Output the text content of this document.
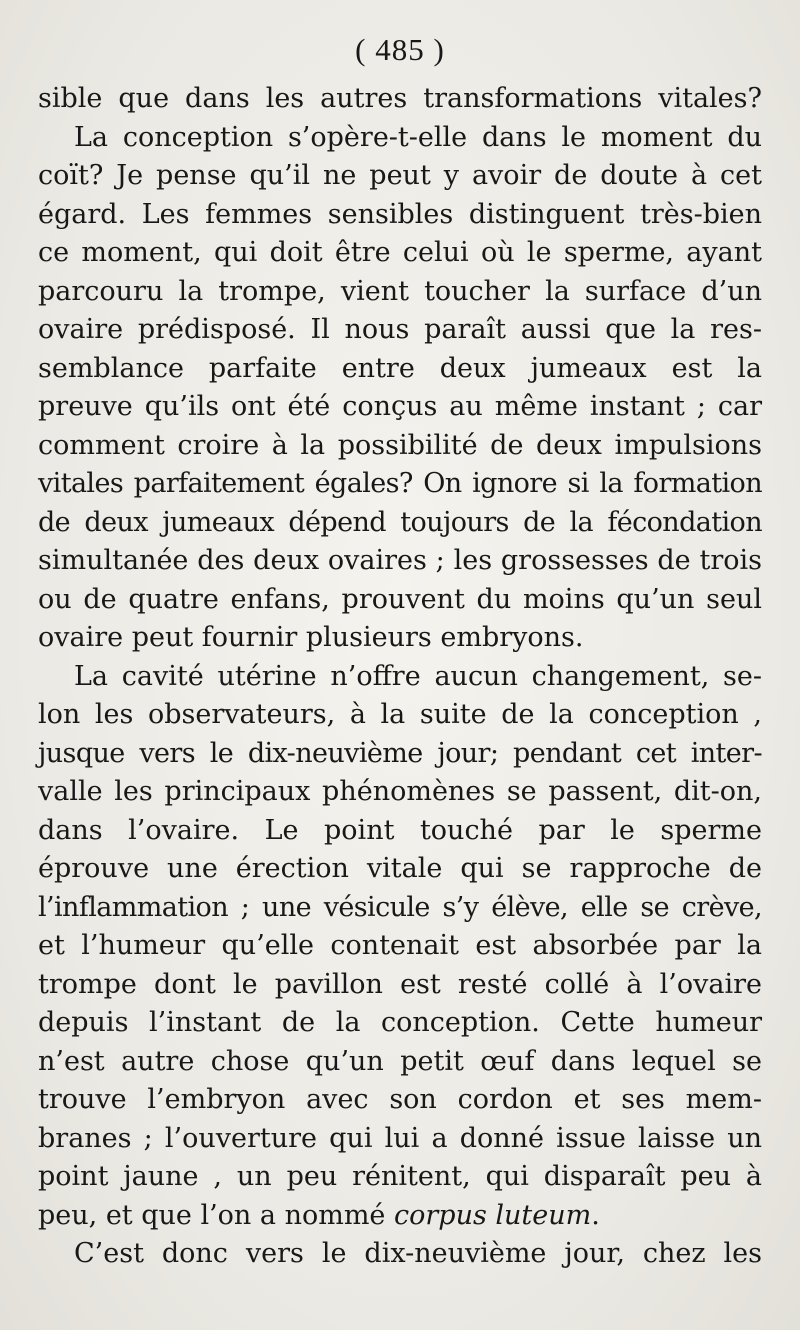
( 485 )
sible que dans les autres transformations vitales?
La conception s’opère-t-elle dans le moment du
coït? Je pense qu’il ne peut y avoir de doute à cet
égard. Les femmes sensibles distinguent très-bien
ce moment, qui doit être celui où le sperme, ayant
parcouru la trompe, vient toucher la surface d’un
ovaire prédisposé. Il nous paraît aussi que la res-
semblance parfaite entre deux jumeaux est la
preuve qu’ils ont été conçus au même instant ; car
comment croire à la possibilité de deux impulsions
vitales parfaitement égales? On ignore si la formation
de deux jumeaux dépend toujours de la fécondation
simultanée des deux ovaires ; les grossesses de trois
ou de quatre enfans, prouvent du moins qu’un seul
ovaire peut fournir plusieurs embryons.
La cavité utérine n’offre aucun changement, se-
lon les observateurs, à la suite de la conception ,
jusque vers le dix-neuvième jour; pendant cet inter-
valle les principaux phénomènes se passent, dit-on,
dans l’ovaire. Le point touché par le sperme
éprouve une érection vitale qui se rapproche de
l’inflammation ; une vésicule s’y élève, elle se crève,
et l’humeur qu’elle contenait est absorbée par la
trompe dont le pavillon est resté collé à l’ovaire
depuis l’instant de la conception. Cette humeur
n’est autre chose qu’un petit œuf dans lequel se
trouve l’embryon avec son cordon et ses mem-
branes ; l’ouverture qui lui a donné issue laisse un
point jaune , un peu rénitent, qui disparaît peu à
peu, et que l’on a nommé corpus luteum.
C’est donc vers le dix-neuvième jour, chez les
